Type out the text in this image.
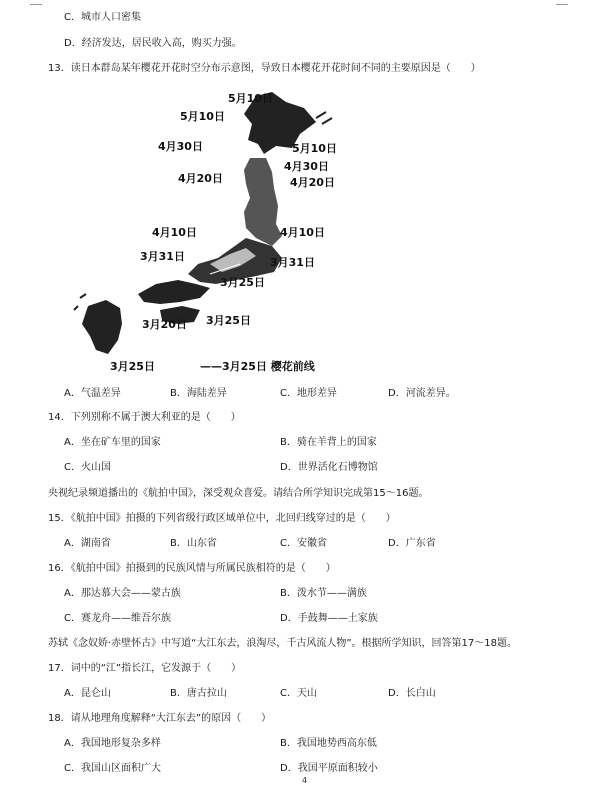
C．城市人口密集
D．经济发达，居民收入高，购买力强。
13．读日本群岛某年樱花开花时空分布示意图，导致日本樱花开花时间不同的主要原因是（　　）
5月10日
5月10日
4月30日	5月10日
4月30日
4月20日	4月20日
4月10日	4月10日
3月31日	3月31日
3月25日
3月20日 3月25日
3月25日	——3月25日 樱花前线
A．气温差异	B．海陆差异	C．地形差异	D．河流差异。
14．下列别称不属于澳大利亚的是（　　）
A．坐在矿车里的国家	B．骑在羊背上的国家
C．火山国	D．世界活化石博物馆
央视纪录频道播出的《航拍中国》，深受观众喜爱。请结合所学知识完成第15～16题。
15．《航拍中国》拍摄的下列省级行政区域单位中，北回归线穿过的是（　　）
A．湖南省	B．山东省	C．安徽省	D．广东省
16．《航拍中国》拍摄到的民族风情与所属民族相符的是（　　）
A．那达慕大会——蒙古族	B．泼水节——满族
C．赛龙舟——维吾尔族	D．手鼓舞——土家族
苏轼《念奴娇·赤壁怀古》中写道“大江东去，浪淘尽，千古风流人物”。根据所学知识，回答第17～18题。
17．词中的“江”指长江，它发源于（　　）
A．昆仑山	B．唐古拉山	C．天山	D．长白山
18．请从地理角度解释“大江东去”的原因（　　）
A．我国地形复杂多样	B．我国地势西高东低
C．我国山区面积广大	D．我国平原面积较小
4
